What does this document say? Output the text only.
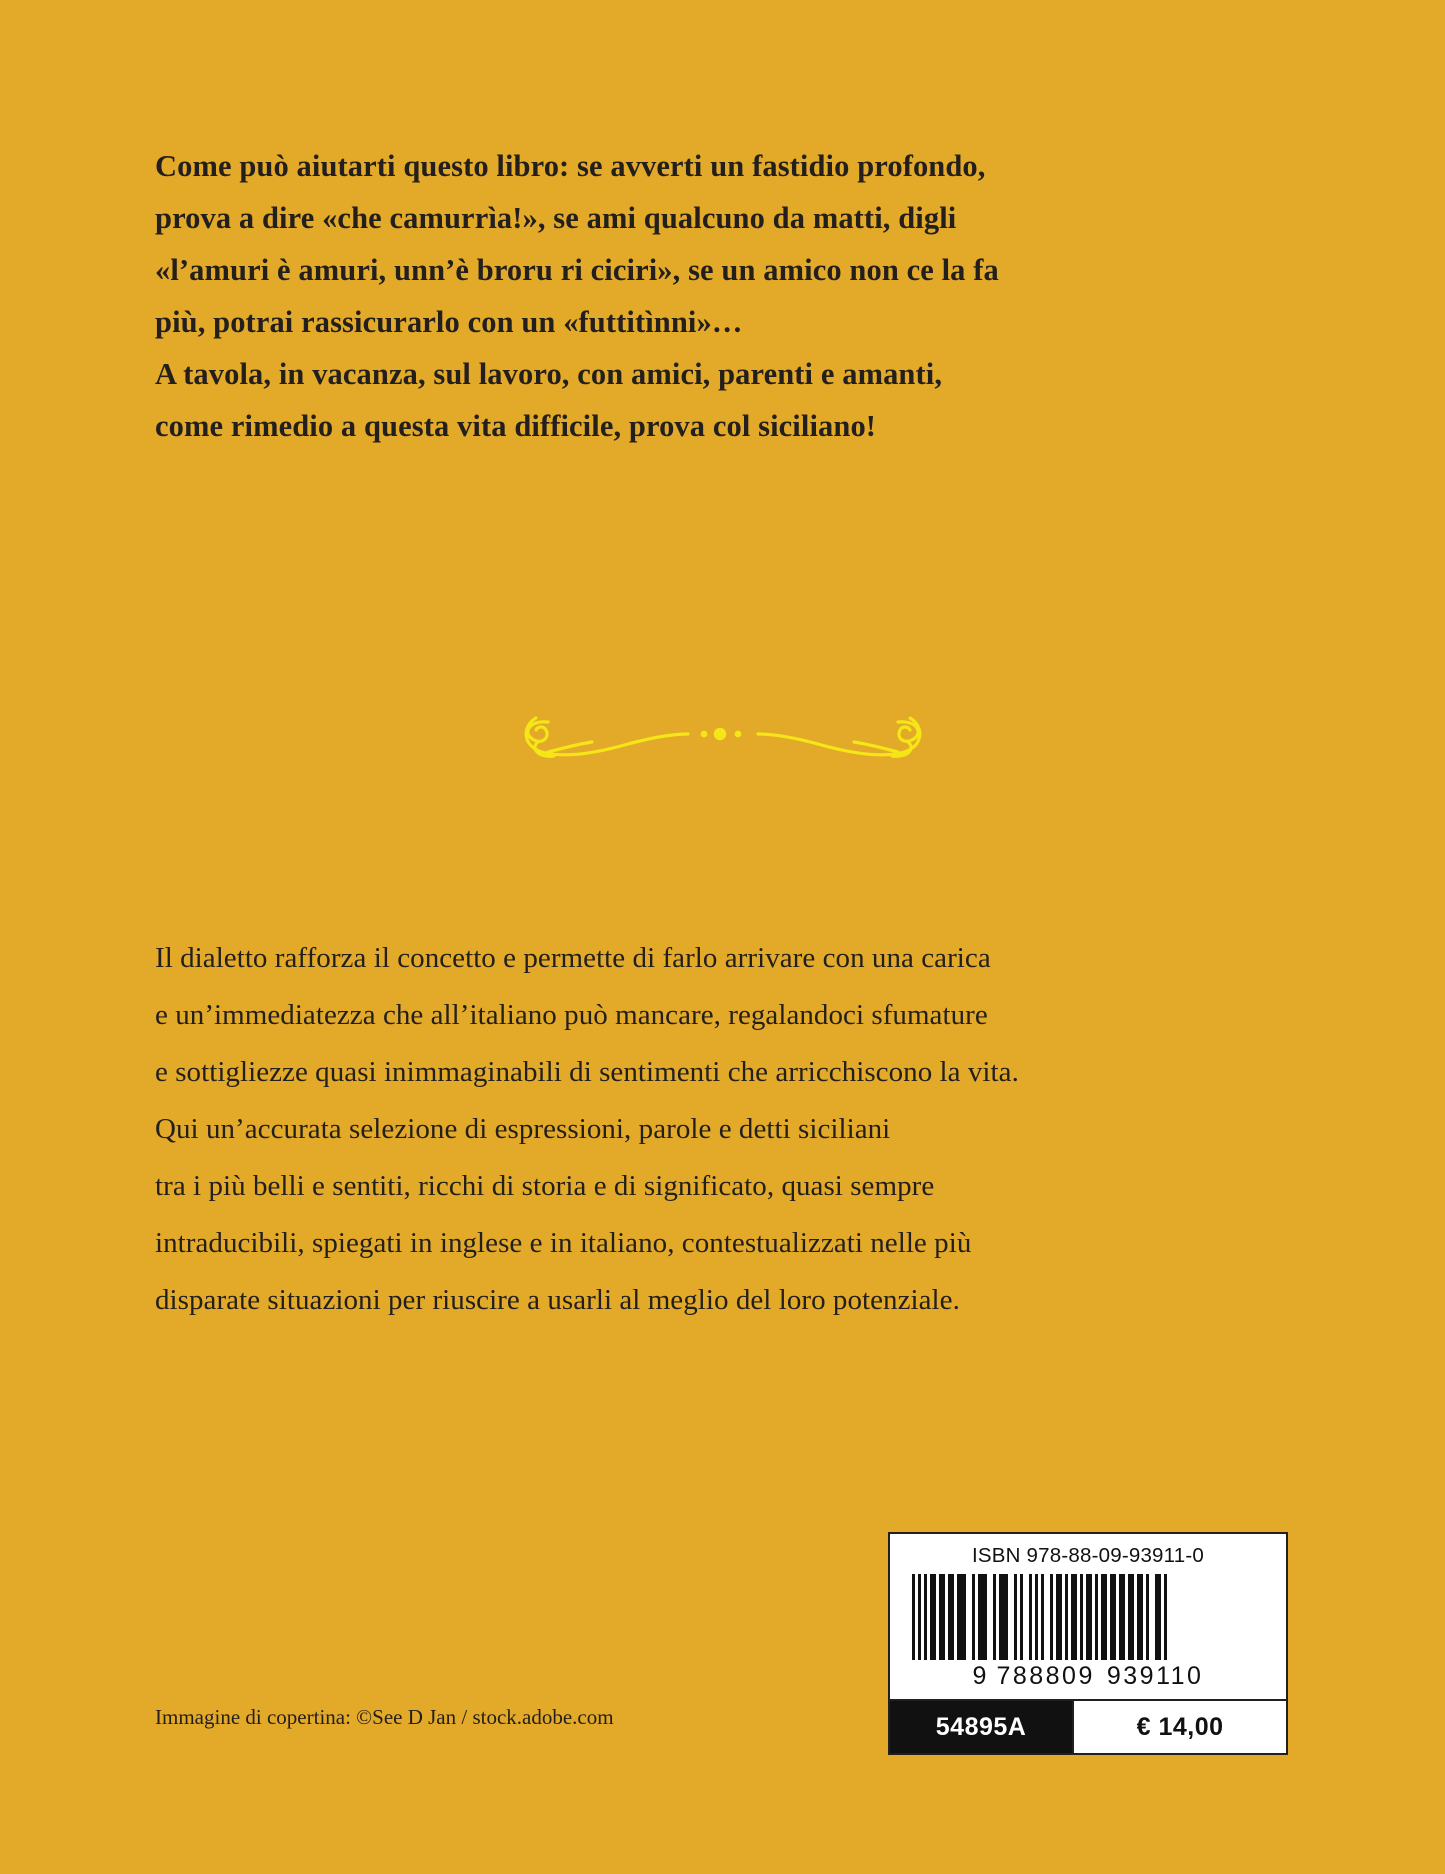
Come può aiutarti questo libro: se avverti un fastidio profondo,

prova a dire «che camurrìa!», se ami qualcuno da matti, digli

«l’amuri è amuri, unn’è broru ri ciciri», se un amico non ce la fa

più, potrai rassicurarlo con un «futtitìnni»…

A tavola, in vacanza, sul lavoro, con amici, parenti e amanti,

come rimedio a questa vita difficile, prova col siciliano!

Il dialetto rafforza il concetto e permette di farlo arrivare con una carica

e un’immediatezza che all’italiano può mancare, regalandoci sfumature

e sottigliezze quasi inimmaginabili di sentimenti che arricchiscono la vita.

Qui un’accurata selezione di espressioni, parole e detti siciliani

tra i più belli e sentiti, ricchi di storia e di significato, quasi sempre

intraducibili, spiegati in inglese e in italiano, contestualizzati nelle più

disparate situazioni per riuscire a usarli al meglio del loro potenziale.

Immagine di copertina: ©See D Jan / stock.adobe.com
ISBN 978-88-09-93911-0
9 788809 939110
54895A	€ 14,00
